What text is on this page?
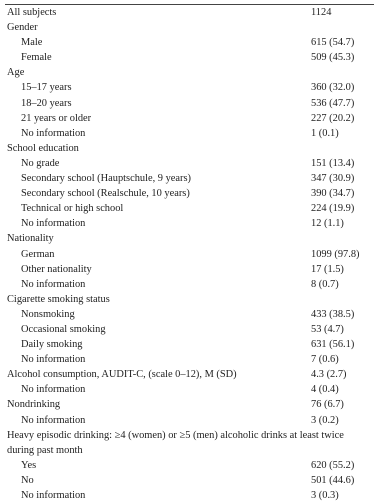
All subjects	1124
Gender
Male	615 (54.7)
Female	509 (45.3)
Age
15–17 years	360 (32.0)
18–20 years	536 (47.7)
21 years or older	227 (20.2)
No information	1 (0.1)
School education
No grade	151 (13.4)
Secondary school (Hauptschule, 9 years)	347 (30.9)
Secondary school (Realschule, 10 years)	390 (34.7)
Technical or high school	224 (19.9)
No information	12 (1.1)
Nationality
German	1099 (97.8)
Other nationality	17 (1.5)
No information	8 (0.7)
Cigarette smoking status
Nonsmoking	433 (38.5)
Occasional smoking	53 (4.7)
Daily smoking	631 (56.1)
No information	7 (0.6)
Alcohol consumption, AUDIT-C, (scale 0–12), M (SD)	4.3 (2.7)
No information	4 (0.4)
Nondrinking	76 (6.7)
No information	3 (0.2)
Heavy episodic drinking: ≥4 (women) or ≥5 (men) alcoholic drinks at least twice during past month
Yes	620 (55.2)
No	501 (44.6)
No information	3 (0.3)
